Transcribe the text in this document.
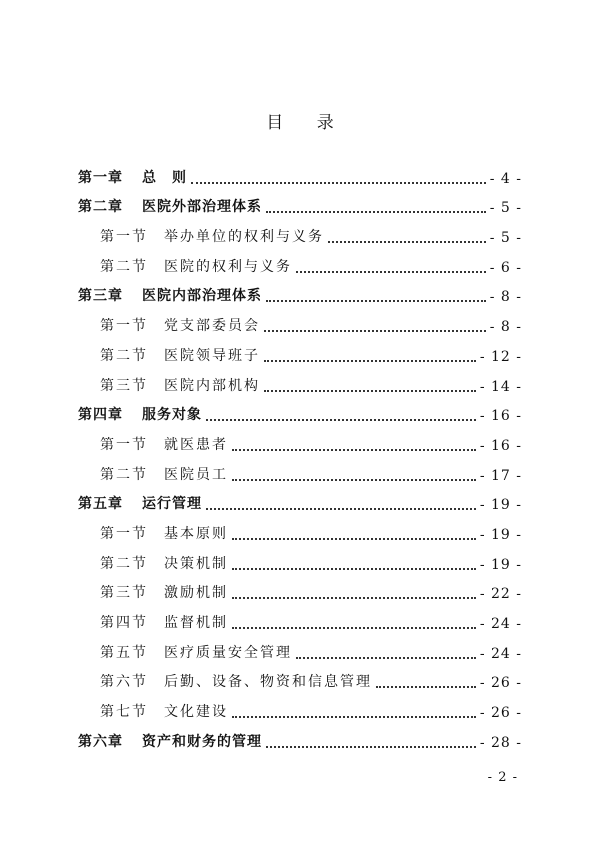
目 录
第一章	总　则	- 4 -
第二章	医院外部治理体系	- 5 -
第一节	举办单位的权利与义务	- 5 -
第二节	医院的权利与义务	- 6 -
第三章	医院内部治理体系	- 8 -
第一节	党支部委员会	- 8 -
第二节	医院领导班子	- 12 -
第三节	医院内部机构	- 14 -
第四章	服务对象	- 16 -
第一节	就医患者	- 16 -
第二节	医院员工	- 17 -
第五章	运行管理	- 19 -
第一节	基本原则	- 19 -
第二节	决策机制	- 19 -
第三节	激励机制	- 22 -
第四节	监督机制	- 24 -
第五节	医疗质量安全管理	- 24 -
第六节	后勤、设备、物资和信息管理	- 26 -
第七节	文化建设	- 26 -
第六章	资产和财务的管理	- 28 -
- 2 -
